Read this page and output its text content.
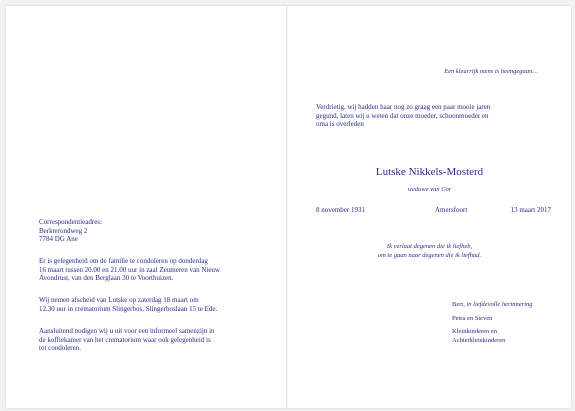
Correspondentieadres:
Berkterondweg 2
7784 DG Ane
Er is gelegenheid om de familie te condoleren op donderdag
16 maart tussen 20.00 en 21.00 uur in zaal Zeumeren van Nieuw
Avondrust, van den Berglaan 30 te Voorthuizen.
Wij nemen afscheid van Lutske op zaterdag 18 maart om
12.30 uur in crematorium Slingerbos, Slingerboslaan 15 te Ede.
Aansluitend nodigen wij u uit voor een informeel samenzijn in
de koffiekamer van het crematorium waar ook gelegenheid is
tot condoleren.
Een kleurrijk mens is heengegaan…
Verdrietig, wij hadden haar nog zo graag een paar mooie jaren
gegund, laten wij u weten dat onze moeder, schoonmoeder en
oma is overleden
Lutske Nikkels-Mosterd
weduwe van Cor
8 november 1931	Amersfoort	13 maart 2017
Ik verlaat degenen die ik liefheb,
om te gaan naar degenen die ik liefhad.
Bert, in liefdevolle herinnering
Petra en Steven
Kleinkinderen en
Achterkleinkinderen
